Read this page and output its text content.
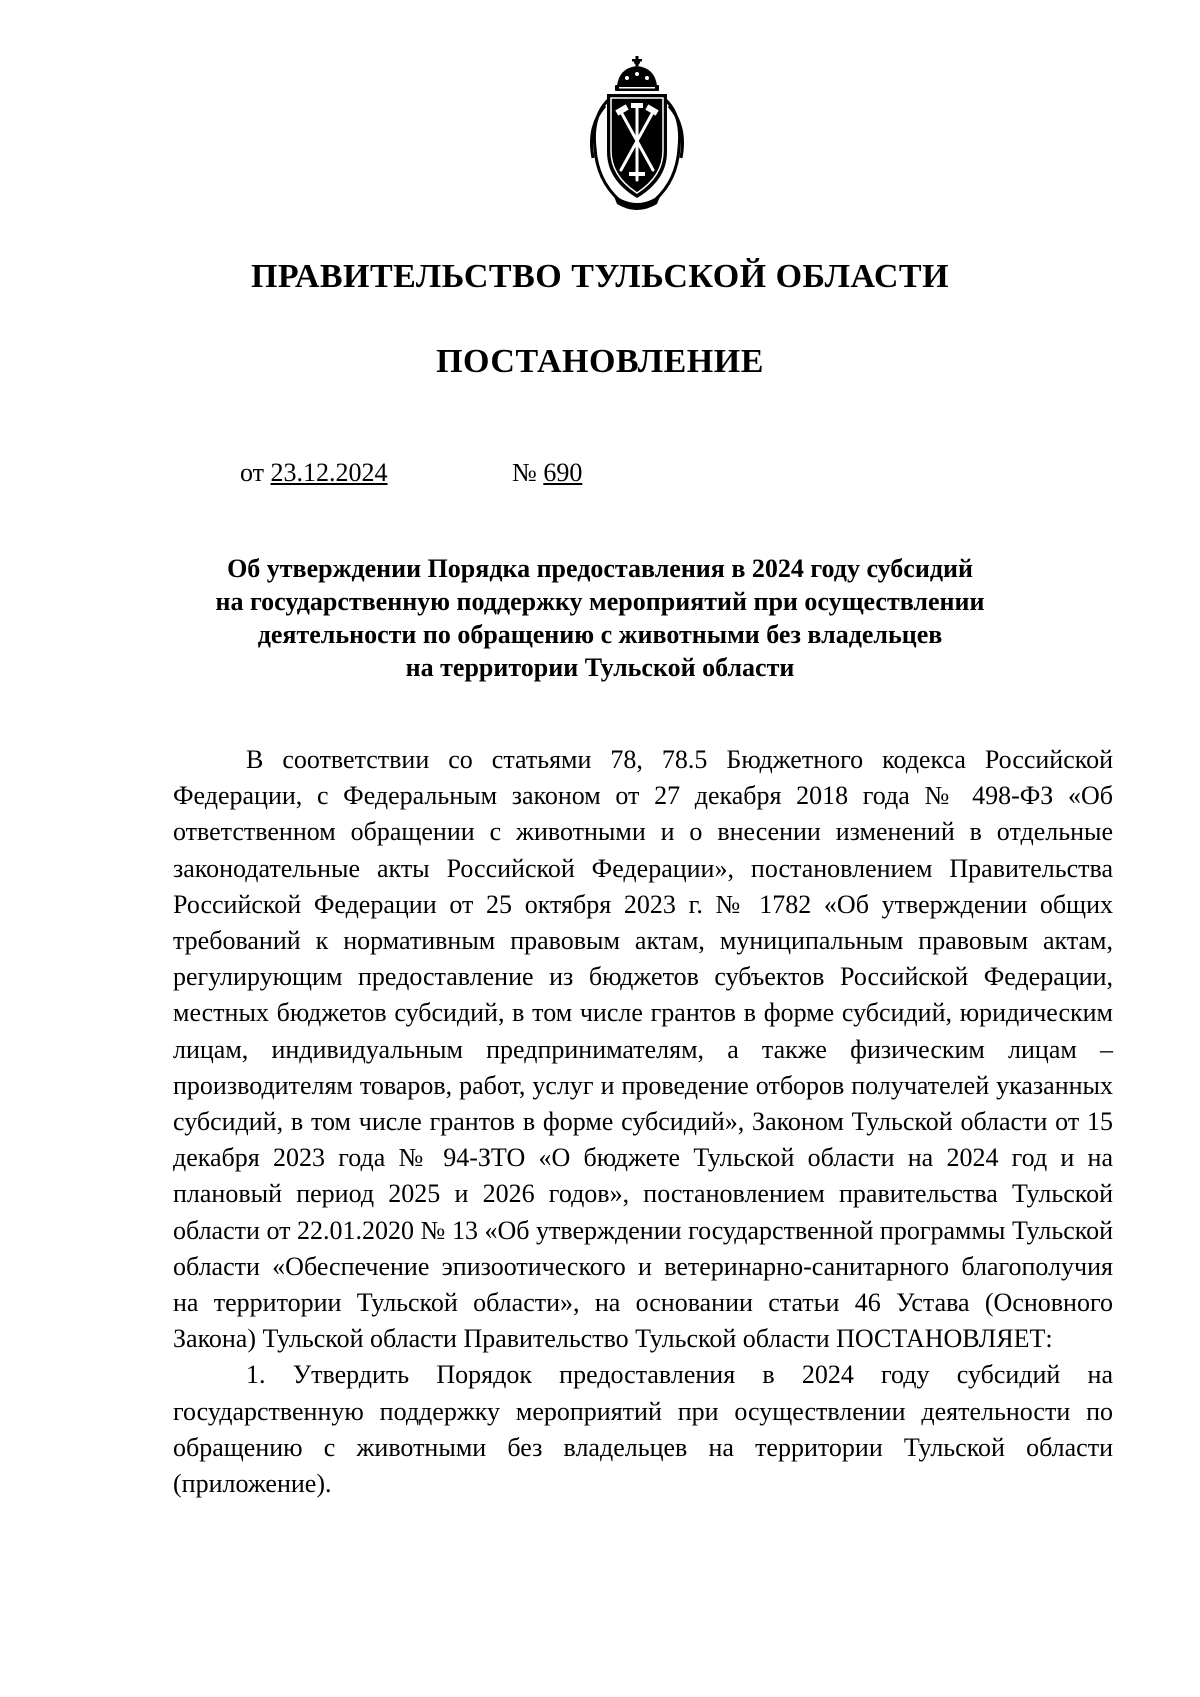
ПРАВИТЕЛЬСТВО ТУЛЬСКОЙ ОБЛАСТИ
ПОСТАНОВЛЕНИЕ
от 23.12.2024	№ 690
Об утверждении Порядка предоставления в 2024 году субсидий
на государственную поддержку мероприятий при осуществлении
деятельности по обращению с животными без владельцев
на территории Тульской области

В соответствии со статьями 78, 78.5 Бюджетного кодекса Российской Федерации, с Федеральным законом от 27 декабря 2018 года № 498-ФЗ «Об ответственном обращении с животными и о внесении изменений в отдельные законодательные акты Российской Федерации», постановлением Правительства Российской Федерации от 25 октября 2023 г. № 1782 «Об утверждении общих требований к нормативным правовым актам, муниципальным правовым актам, регулирующим предоставление из бюджетов субъектов Российской Федерации, местных бюджетов субсидий, в том числе грантов в форме субсидий, юридическим лицам, индивидуальным предпринимателям, а также физическим лицам – производителям товаров, работ, услуг и проведение отборов получателей указанных субсидий, в том числе грантов в форме субсидий», Законом Тульской области от 15 декабря 2023 года № 94-ЗТО «О бюджете Тульской области на 2024 год и на плановый период 2025 и 2026 годов», постановлением правительства Тульской области от 22.01.2020 № 13 «Об утверждении государственной программы Тульской области «Обеспечение эпизоотического и ветеринарно-санитарного благополучия на территории Тульской области», на основании статьи 46 Устава (Основного Закона) Тульской области Правительство Тульской области ПОСТАНОВЛЯЕТ:

1. Утвердить Порядок предоставления в 2024 году субсидий на государственную поддержку мероприятий при осуществлении деятельности по обращению с животными без владельцев на территории Тульской области (приложение).
